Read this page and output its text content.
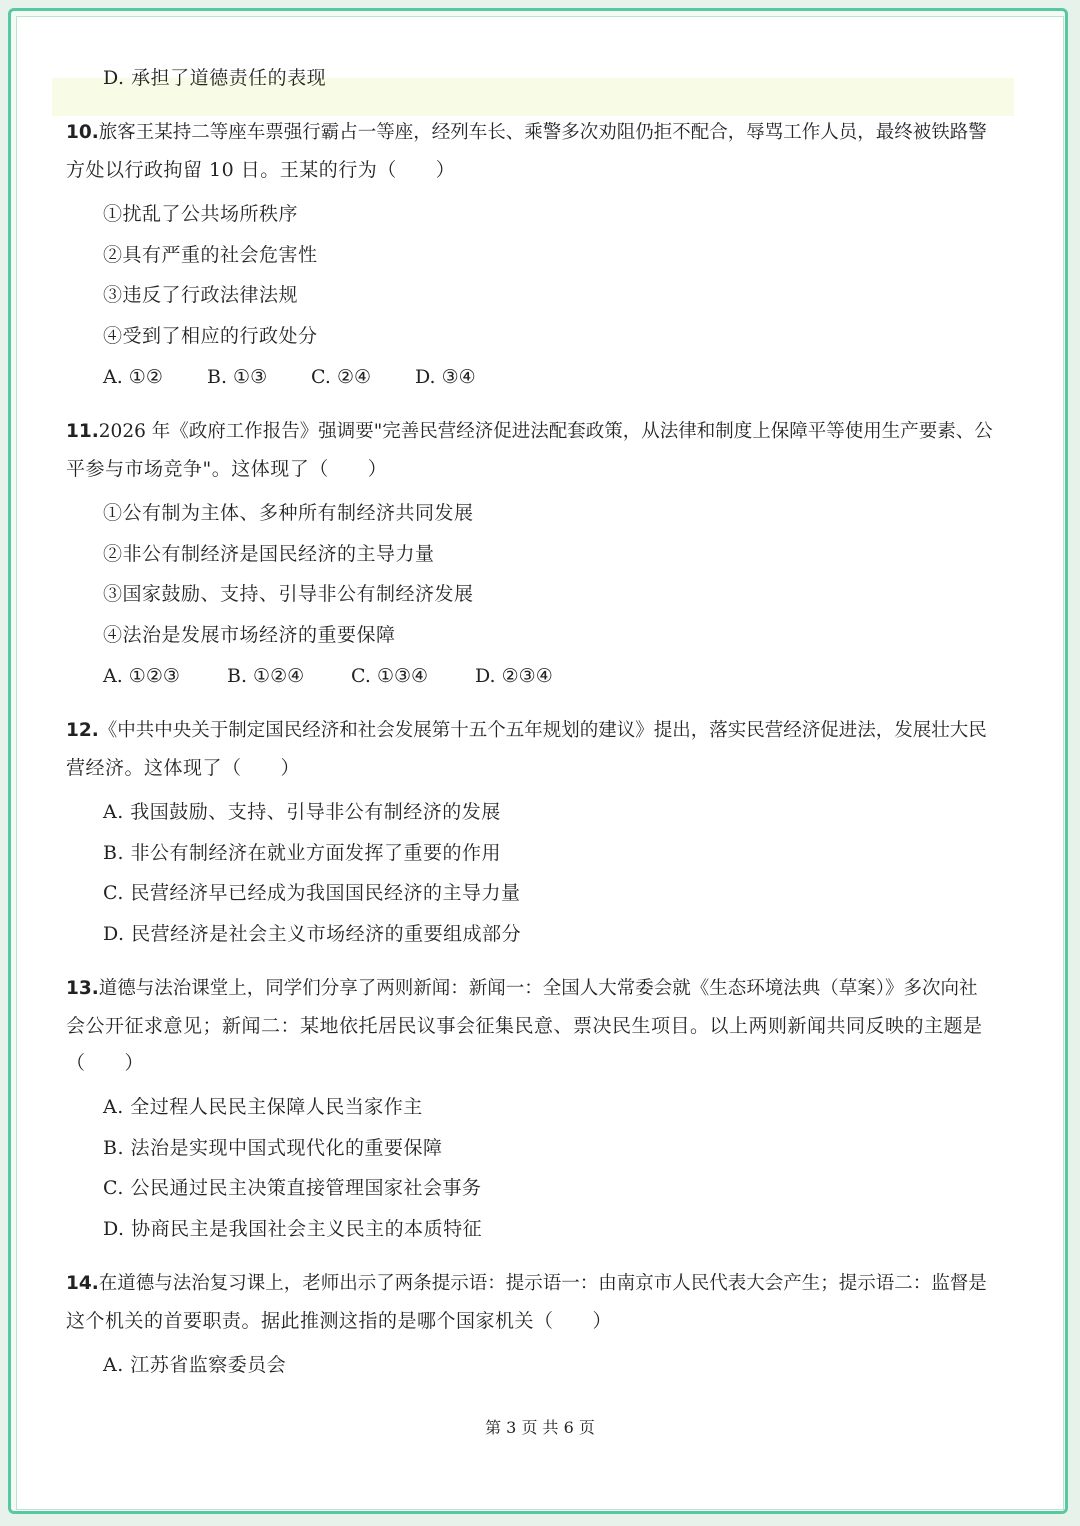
D. 承担了道德责任的表现
10.旅客王某持二等座车票强行霸占一等座，经列车长、乘警多次劝阻仍拒不配合，辱骂工作人员，最终被铁路警
方处以行政拘留 10 日。王某的行为（　　）
①扰乱了公共场所秩序
②具有严重的社会危害性
③违反了行政法律法规
④受到了相应的行政处分
A. ①② B. ①③ C. ②④ D. ③④
11.2026 年《政府工作报告》强调要"完善民营经济促进法配套政策，从法律和制度上保障平等使用生产要素、公
平参与市场竞争"。这体现了（　　）
①公有制为主体、多种所有制经济共同发展
②非公有制经济是国民经济的主导力量
③国家鼓励、支持、引导非公有制经济发展
④法治是发展市场经济的重要保障
A. ①②③ B. ①②④ C. ①③④ D. ②③④
12.《中共中央关于制定国民经济和社会发展第十五个五年规划的建议》提出，落实民营经济促进法，发展壮大民
营经济。这体现了（　　）
A. 我国鼓励、支持、引导非公有制经济的发展
B. 非公有制经济在就业方面发挥了重要的作用
C. 民营经济早已经成为我国国民经济的主导力量
D. 民营经济是社会主义市场经济的重要组成部分
13.道德与法治课堂上，同学们分享了两则新闻：新闻一：全国人大常委会就《生态环境法典（草案）》多次向社
会公开征求意见；新闻二：某地依托居民议事会征集民意、票决民生项目。以上两则新闻共同反映的主题是
（　　）
A. 全过程人民民主保障人民当家作主
B. 法治是实现中国式现代化的重要保障
C. 公民通过民主决策直接管理国家社会事务
D. 协商民主是我国社会主义民主的本质特征
14.在道德与法治复习课上，老师出示了两条提示语：提示语一：由南京市人民代表大会产生；提示语二：监督是
这个机关的首要职责。据此推测这指的是哪个国家机关（　　）
A. 江苏省监察委员会
第 3 页 共 6 页
